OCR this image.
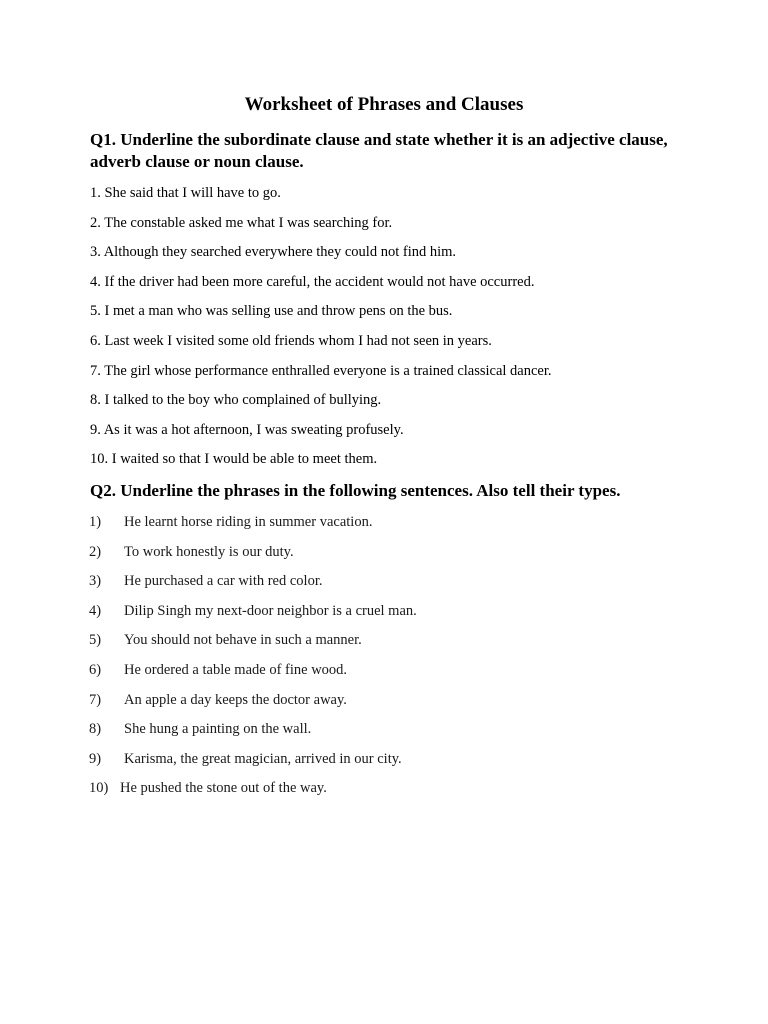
Worksheet of Phrases and Clauses
Q1. Underline the subordinate clause and state whether it is an adjective clause, adverb clause or noun clause.
1. She said that I will have to go.
2. The constable asked me what I was searching for.
3. Although they searched everywhere they could not find him.
4. If the driver had been more careful, the accident would not have occurred.
5. I met a man who was selling use and throw pens on the bus.
6. Last week I visited some old friends whom I had not seen in years.
7. The girl whose performance enthralled everyone is a trained classical dancer.
8. I talked to the boy who complained of bullying.
9. As it was a hot afternoon, I was sweating profusely.
10. I waited so that I would be able to meet them.
Q2. Underline the phrases in the following sentences. Also tell their types.
1) He learnt horse riding in summer vacation.
2) To work honestly is our duty.
3) He purchased a car with red color.
4) Dilip Singh my next-door neighbor is a cruel man.
5) You should not behave in such a manner.
6) He ordered a table made of fine wood.
7) An apple a day keeps the doctor away.
8) She hung a painting on the wall.
9) Karisma, the great magician, arrived in our city.
10) He pushed the stone out of the way.
